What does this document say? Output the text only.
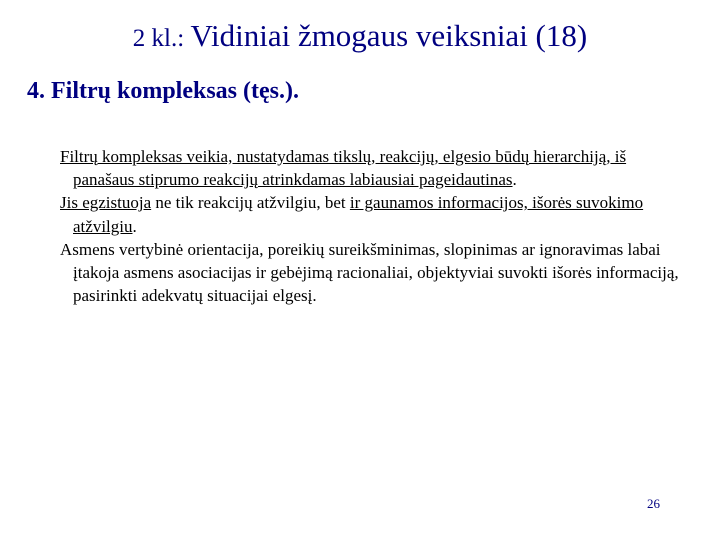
2 kl.: Vidiniai žmogaus veiksniai (18)
4. Filtrų kompleksas (tęs.).

Filtrų kompleksas veikia, nustatydamas tikslų, reakcijų, elgesio būdų hierarchiją, iš panašaus stiprumo reakcijų atrinkdamas labiausiai pageidautinas.

Jis egzistuoja ne tik reakcijų atžvilgiu, bet ir gaunamos informacijos, išorės suvokimo atžvilgiu.

Asmens vertybinė orientacija, poreikių sureikšminimas, slopinimas ar ignoravimas labai įtakoja asmens asociacijas ir gebėjimą racionaliai, objektyviai suvokti išorės informaciją, pasirinkti adekvatų situacijai elgesį.

26
